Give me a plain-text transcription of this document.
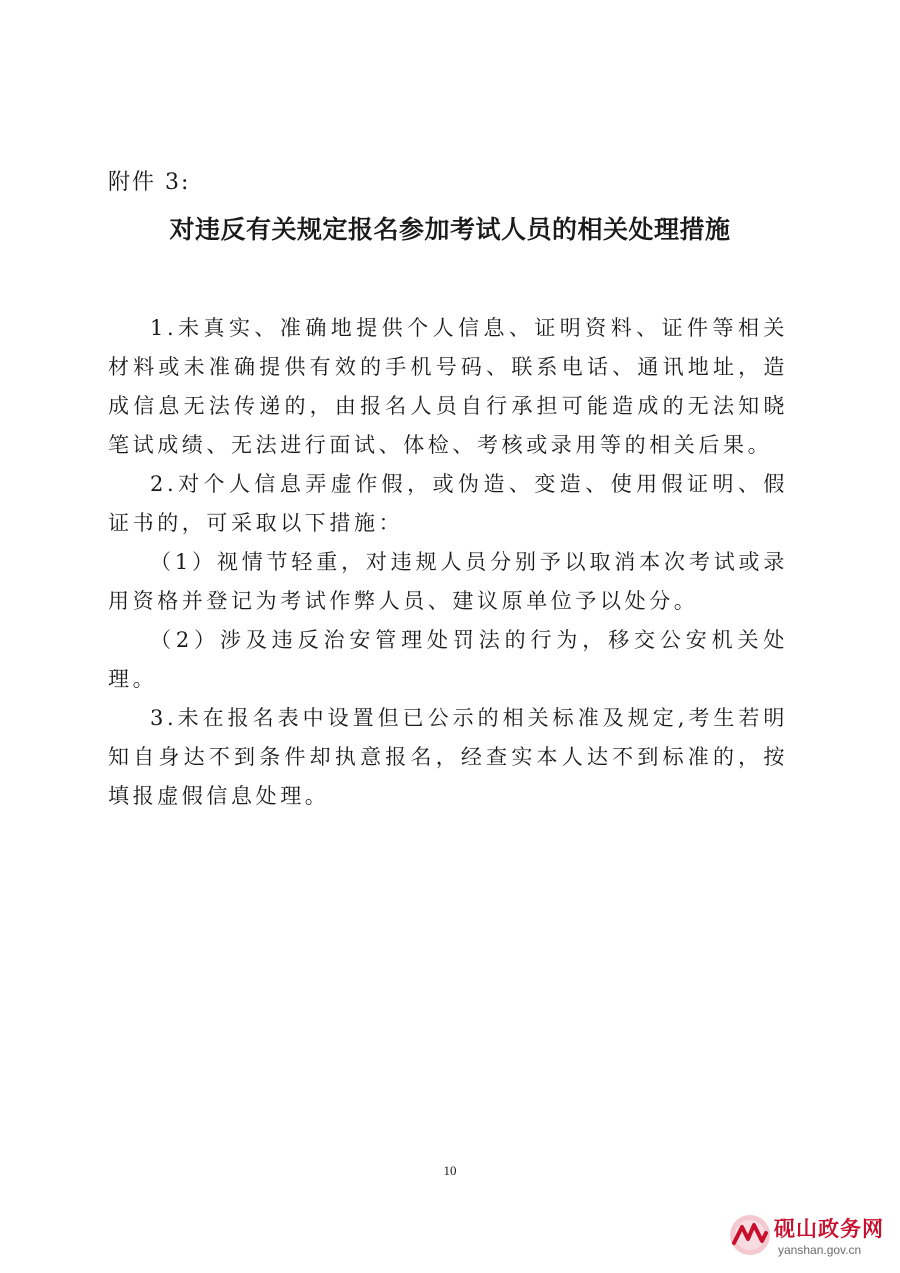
附件 3:
对违反有关规定报名参加考试人员的相关处理措施

1.未真实、准确地提供个人信息、证明资料、证件等相关材料或未准确提供有效的手机号码、联系电话、通讯地址，造成信息无法传递的，由报名人员自行承担可能造成的无法知晓笔试成绩、无法进行面试、体检、考核或录用等的相关后果。

2.对个人信息弄虚作假，或伪造、变造、使用假证明、假证书的，可采取以下措施：

（1）视情节轻重，对违规人员分别予以取消本次考试或录用资格并登记为考试作弊人员、建议原单位予以处分。

（2）涉及违反治安管理处罚法的行为，移交公安机关处理。

3.未在报名表中设置但已公示的相关标准及规定,考生若明知自身达不到条件却执意报名，经查实本人达不到标准的，按填报虚假信息处理。

10
砚山政务网
yanshan.gov.cn
